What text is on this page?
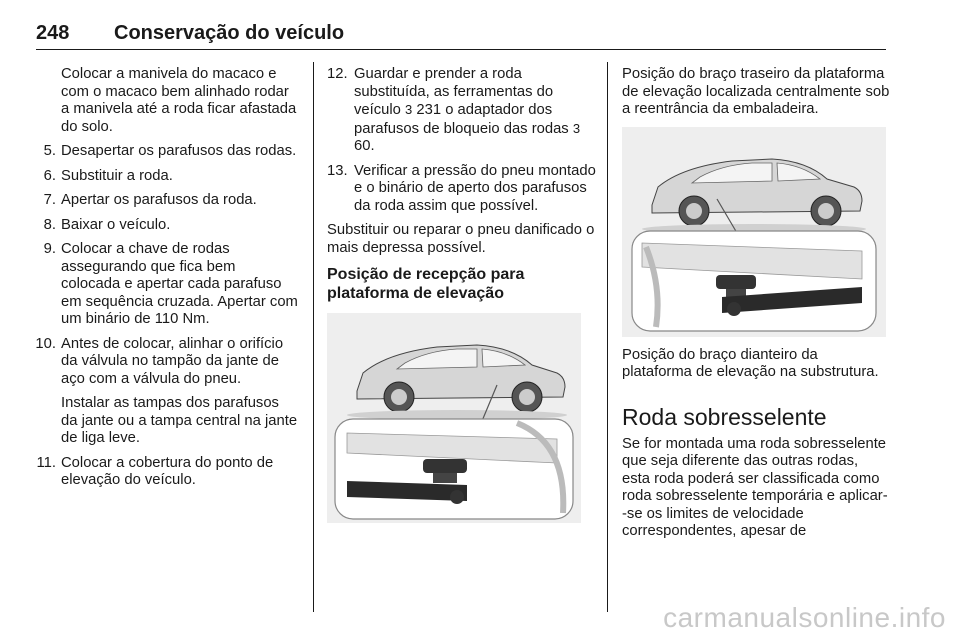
248 Conservação do veículo

Colocar a manivela do macaco e com o macaco bem alinhado rodar a manivela até a roda ficar afastada do solo.

5. Desapertar os parafusos das rodas.
6. Substituir a roda.
7. Apertar os parafusos da roda.
8. Baixar o veículo.
9. Colocar a chave de rodas assegurando que fica bem colocada e apertar cada parafuso em sequência cruzada. Apertar com um binário de 110 Nm.
10. Antes de colocar, alinhar o orifício da válvula no tampão da jante de aço com a válvula do pneu.

Instalar as tampas dos parafusos da jante ou a tampa central na jante de liga leve.

11. Colocar a cobertura do ponto de elevação do veículo.
12. Guardar e prender a roda substituída, as ferramentas do veículo 3 231 o adaptador dos parafusos de bloqueio das rodas 3 60.
13. Verificar a pressão do pneu montado e o binário de aperto dos parafusos da roda assim que possível.

Substituir ou reparar o pneu danificado o mais depressa possível.

Posição de recepção para plataforma de elevação

Posição do braço traseiro da plataforma de elevação localizada centralmente sob a reentrância da embaladeira.

Posição do braço dianteiro da plataforma de elevação na substrutura.

Roda sobresselente

Se for montada uma roda sobresselente que seja diferente das outras rodas, esta roda poderá ser classificada como roda sobresselente temporária e aplicar--se os limites de velocidade correspondentes, apesar de

carmanualsonline.info
